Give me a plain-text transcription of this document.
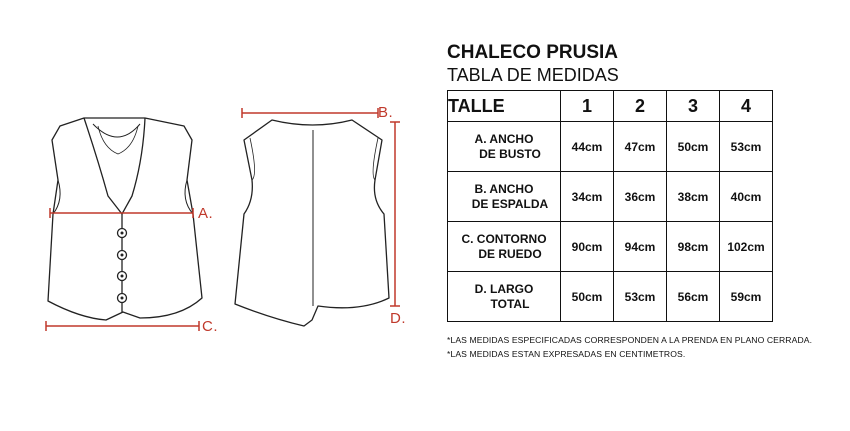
A.
B.
C.	D.
CHALECO PRUSIA
TABLA DE MEDIDAS
TALLE	1	2	3	4

A. ANCHO
DE BUSTO	44cm	47cm	50cm	53cm

B. ANCHO
DE ESPALDA	34cm	36cm	38cm	40cm

C. CONTORNO
DE RUEDO	90cm	94cm	98cm	102cm

D. LARGO
TOTAL	50cm	53cm	56cm	59cm
*LAS MEDIDAS ESPECIFICADAS CORRESPONDEN A LA PRENDA EN PLANO CERRADA.
*LAS MEDIDAS ESTAN EXPRESADAS EN CENTIMETROS.
